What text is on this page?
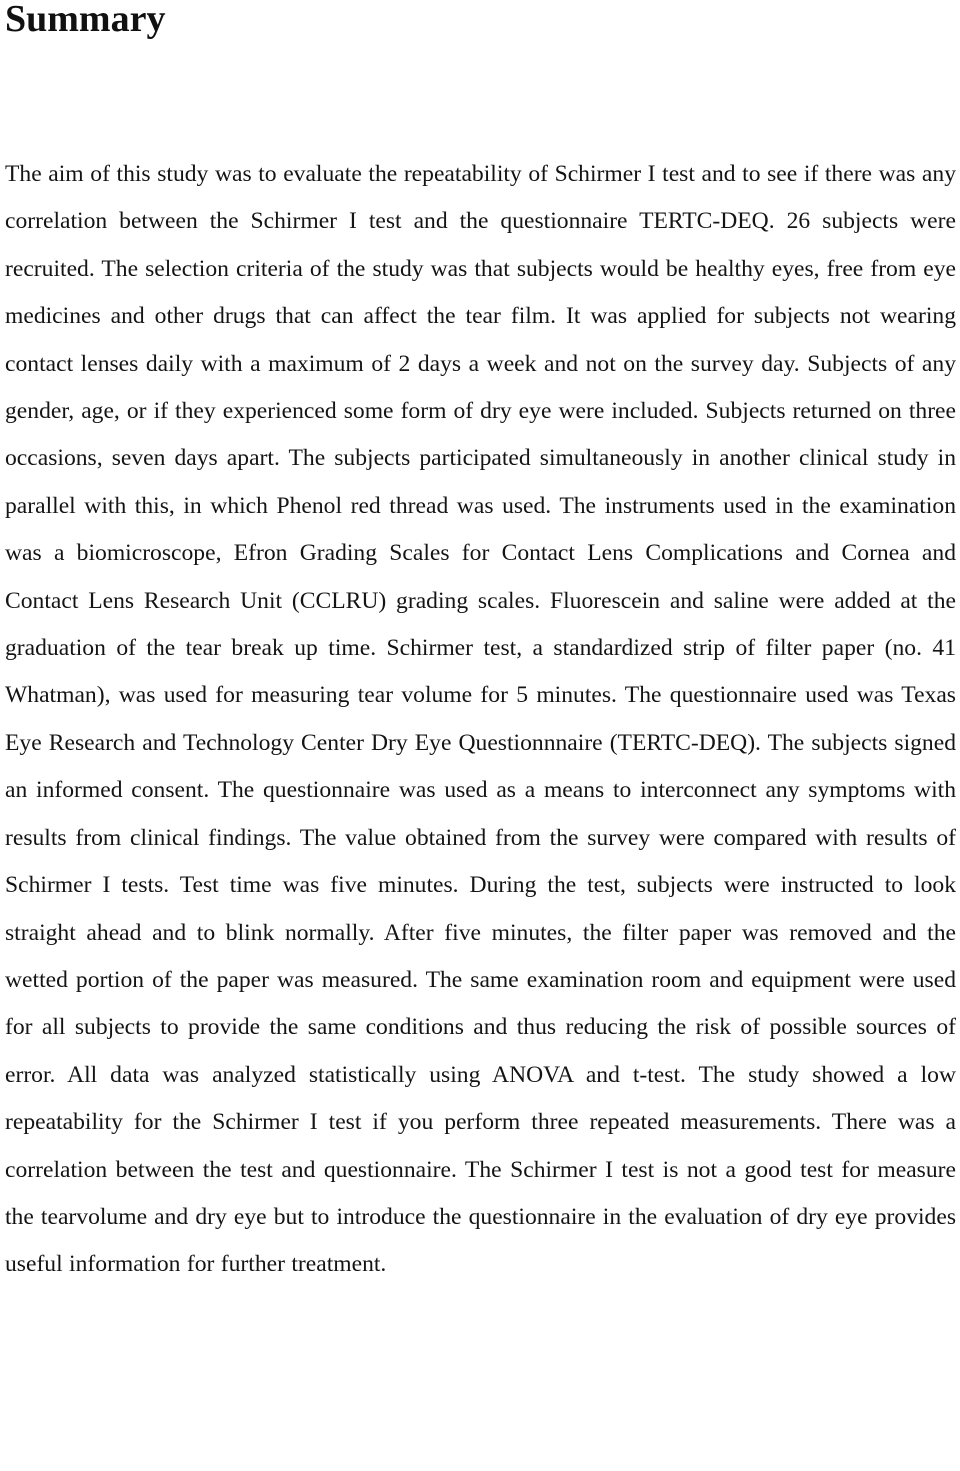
Summary

The aim of this study was to evaluate the repeatability of Schirmer I test and to see if there was any correlation between the Schirmer I test and the questionnaire TERTC-DEQ. 26 subjects were recruited. The selection criteria of the study was that subjects would be healthy eyes, free from eye medicines and other drugs that can affect the tear film. It was applied for subjects not wearing contact lenses daily with a maximum of 2 days a week and not on the survey day. Subjects of any gender, age, or if they experienced some form of dry eye were included. Subjects returned on three occasions, seven days apart. The subjects participated simultaneously in another clinical study in parallel with this, in which Phenol red thread was used. The instruments used in the examination was a biomicroscope, Efron Grading Scales for Contact Lens Complications and Cornea and Contact Lens Research Unit (CCLRU) grading scales. Fluorescein and saline were added at the graduation of the tear break up time. Schirmer test, a standardized strip of filter paper (no. 41 Whatman), was used for measuring tear volume for 5 minutes. The questionnaire used was Texas Eye Research and Technology Center Dry Eye Questionnnaire (TERTC-DEQ). The subjects signed an informed consent. The questionnaire was used as a means to interconnect any symptoms with results from clinical findings. The value obtained from the survey were compared with results of Schirmer I tests. Test time was five minutes. During the test, subjects were instructed to look straight ahead and to blink normally. After five minutes, the filter paper was removed and the wetted portion of the paper was measured. The same examination room and equipment were used for all subjects to provide the same conditions and thus reducing the risk of possible sources of error. All data was analyzed statistically using ANOVA and t-test. The study showed a low repeatability for the Schirmer I test if you perform three repeated measurements. There was a correlation between the test and questionnaire. The Schirmer I test is not a good test for measure the tearvolume and dry eye but to introduce the questionnaire in the evaluation of dry eye provides useful information for further treatment.
